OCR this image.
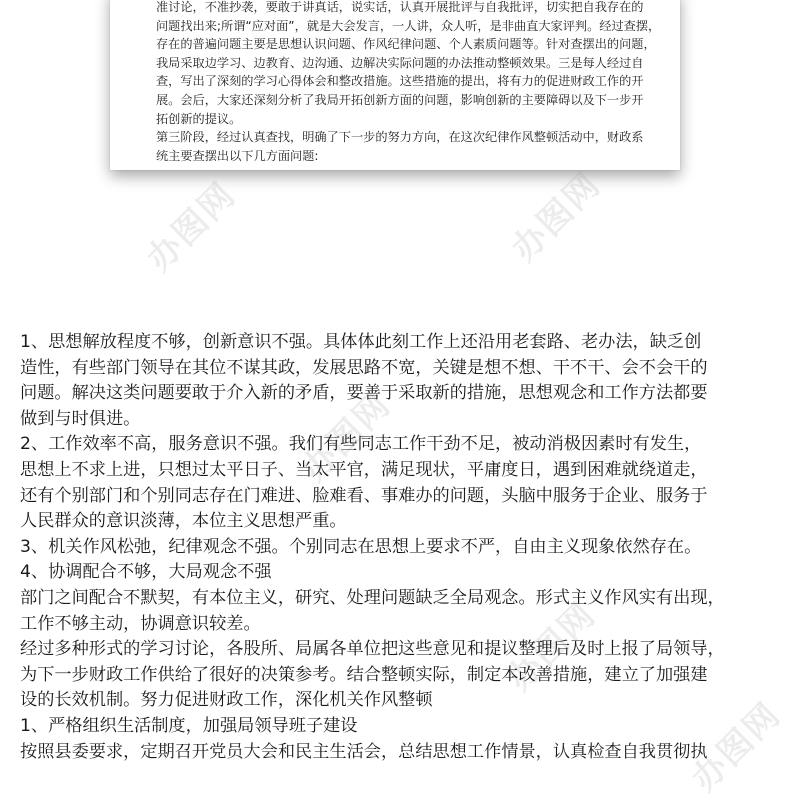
准讨论，不准抄袭，要敢于讲真话，说实话，认真开展批评与自我批评，切实把自我存在的
问题找出来;所谓“应对面”，就是大会发言，一人讲，众人听，是非曲直大家评判。经过查摆，
存在的普遍问题主要是思想认识问题、作风纪律问题、个人素质问题等。针对查摆出的问题，
我局采取边学习、边教育、边沟通、边解决实际问题的办法推动整顿效果。三是每人经过自
查，写出了深刻的学习心得体会和整改措施。这些措施的提出，将有力的促进财政工作的开
展。会后，大家还深刻分析了我局开拓创新方面的问题，影响创新的主要障碍以及下一步开
拓创新的提议。
第三阶段，经过认真查找，明确了下一步的努力方向，在这次纪律作风整顿活动中，财政系
统主要查摆出以下几方面问题:
办图网	办图网
办图网
办图网
办图网
1、思想解放程度不够，创新意识不强。具体体此刻工作上还沿用老套路、老办法，缺乏创
造性，有些部门领导在其位不谋其政，发展思路不宽，关键是想不想、干不干、会不会干的
问题。解决这类问题要敢于介入新的矛盾，要善于采取新的措施，思想观念和工作方法都要
做到与时俱进。
2、工作效率不高，服务意识不强。我们有些同志工作干劲不足，被动消极因素时有发生，
思想上不求上进，只想过太平日子、当太平官，满足现状，平庸度日，遇到困难就绕道走，
还有个别部门和个别同志存在门难进、脸难看、事难办的问题，头脑中服务于企业、服务于
人民群众的意识淡薄，本位主义思想严重。
3、机关作风松弛，纪律观念不强。个别同志在思想上要求不严，自由主义现象依然存在。
4、协调配合不够，大局观念不强
部门之间配合不默契，有本位主义，研究、处理问题缺乏全局观念。形式主义作风实有出现，
工作不够主动，协调意识较差。
经过多种形式的学习讨论，各股所、局属各单位把这些意见和提议整理后及时上报了局领导，
为下一步财政工作供给了很好的决策参考。结合整顿实际，制定本改善措施，建立了加强建
设的长效机制。努力促进财政工作，深化机关作风整顿
1、严格组织生活制度，加强局领导班子建设
按照县委要求，定期召开党员大会和民主生活会，总结思想工作情景，认真检查自我贯彻执
